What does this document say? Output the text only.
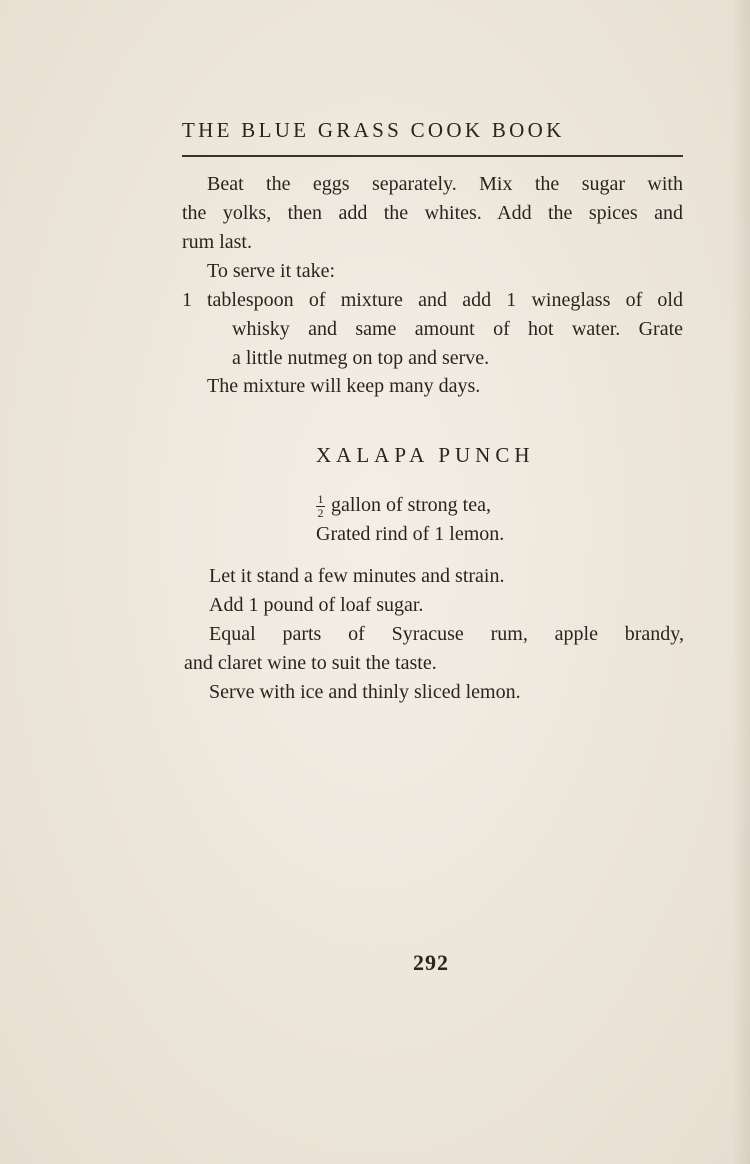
THE BLUE GRASS COOK BOOK
Beat the eggs separately. Mix the sugar with
the yolks, then add the whites. Add the spices and
rum last.
To serve it take:
1 tablespoon of mixture and add 1 wineglass of old
whisky and same amount of hot water. Grate
a little nutmeg on top and serve.
The mixture will keep many days.
XALAPA PUNCH
$\frac{1}{2}$ gallon of strong tea,
Grated rind of 1 lemon.
Let it stand a few minutes and strain.
Add 1 pound of loaf sugar.
Equal parts of Syracuse rum, apple brandy,
and claret wine to suit the taste.
Serve with ice and thinly sliced lemon.
292
